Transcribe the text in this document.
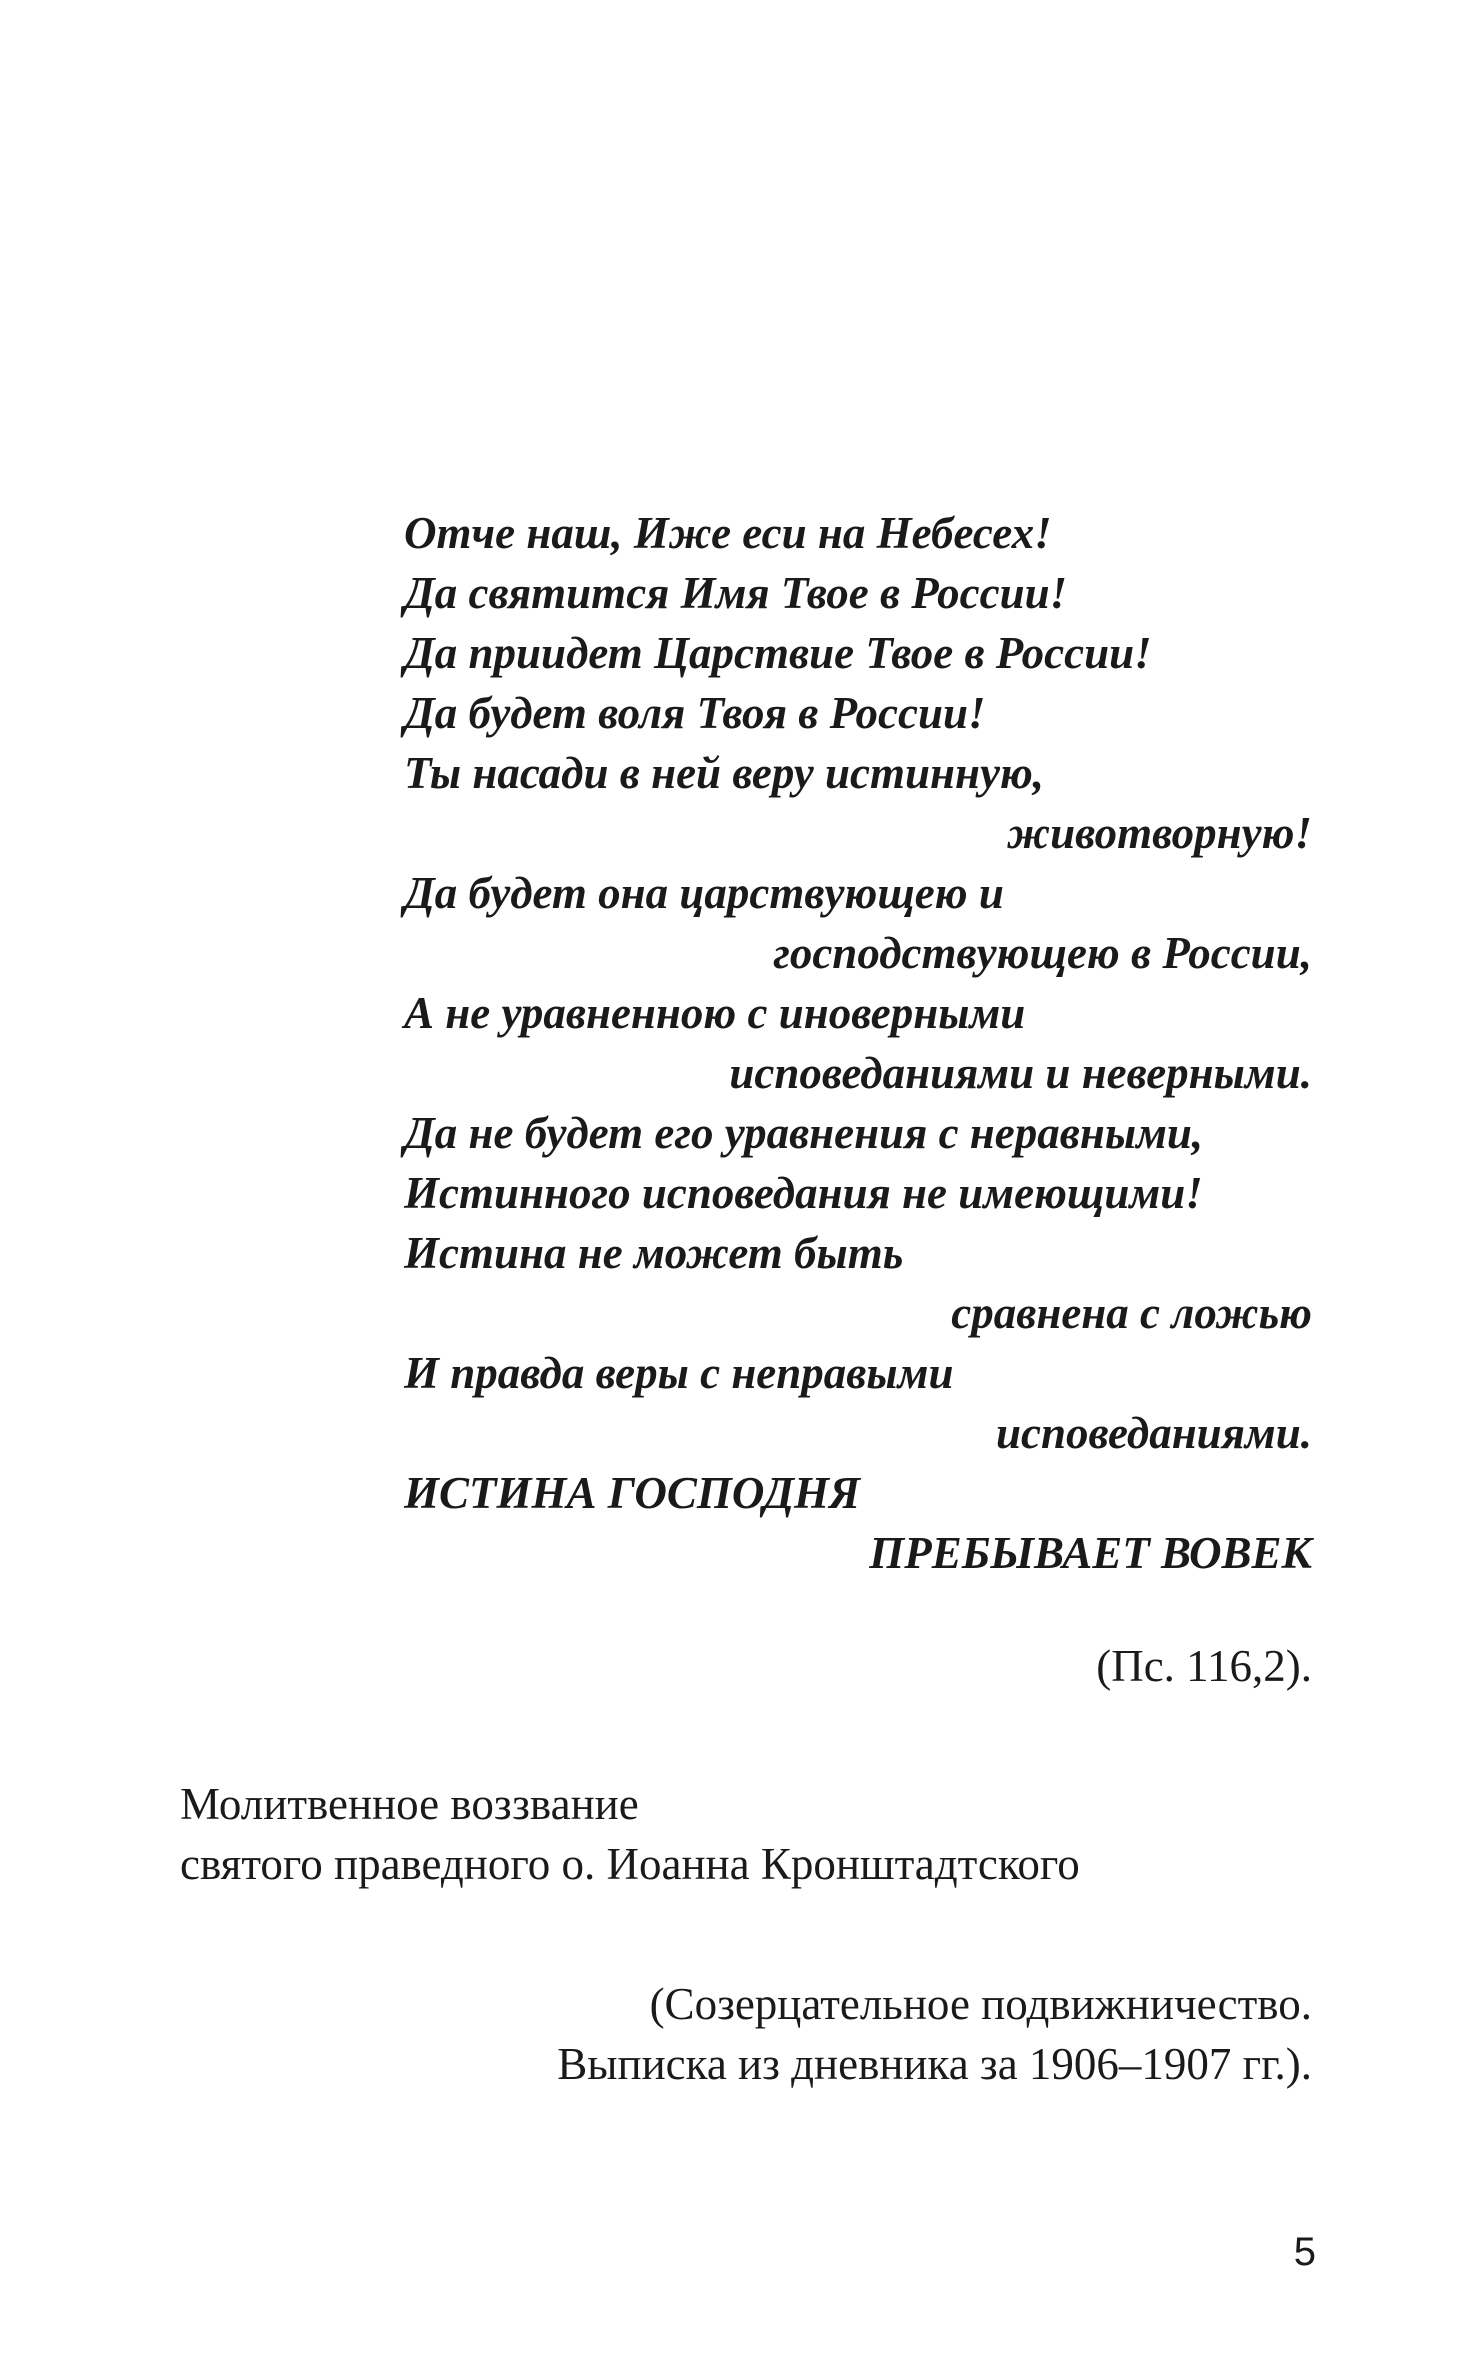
Отче наш, Иже еси на Небесех!
Да святится Имя Твое в России!
Да приидет Царствие Твое в России!
Да будет воля Твоя в России!
Ты насади в ней веру истинную,
животворную!
Да будет она царствующею и
господствующею в России,
А не уравненною с иноверными
исповеданиями и неверными.
Да не будет его уравнения с неравными,
Истинного исповедания не имеющими!
Истина не может быть
сравнена с ложью
И правда веры с неправыми
исповеданиями.
ИСТИНА ГОСПОДНЯ
ПРЕБЫВАЕТ ВОВЕК
(Пс. 116,2).
Молитвенное воззвание
святого праведного о. Иоанна Кронштадтского
(Созерцательное подвижничество.
Выписка из дневника за 1906–1907 гг.).
5
